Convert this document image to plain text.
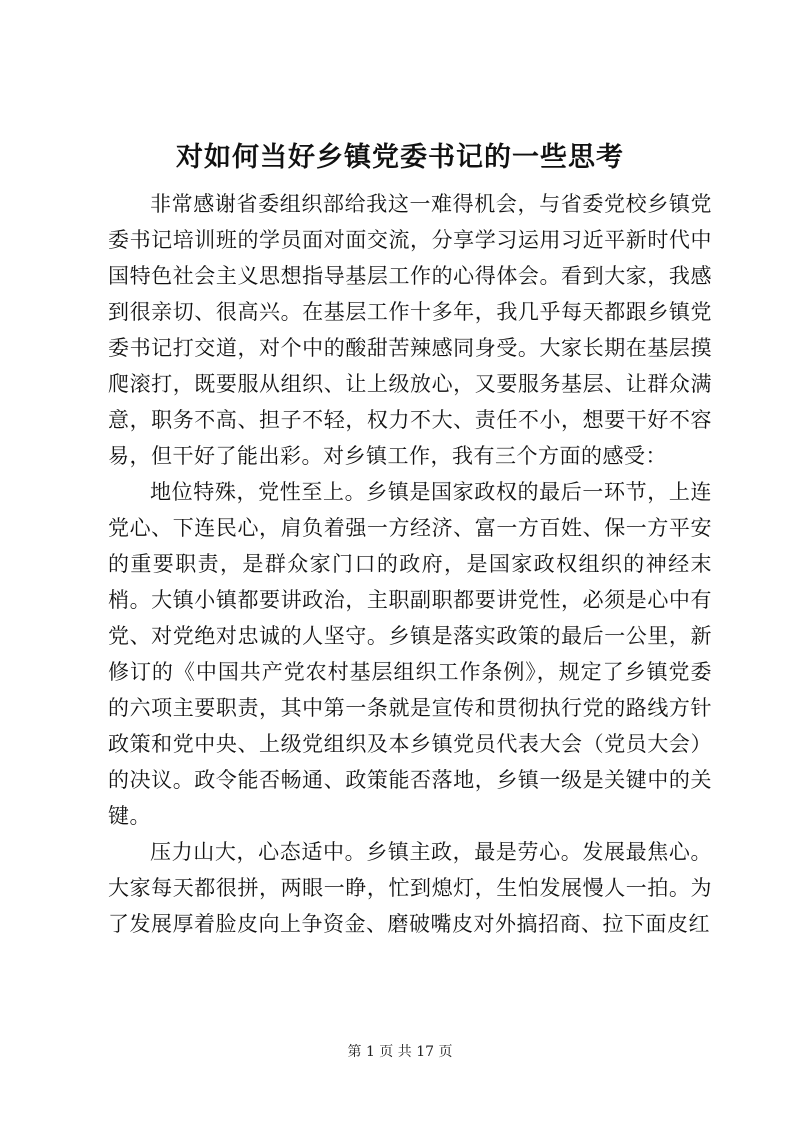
对如何当好乡镇党委书记的一些思考

非常感谢省委组织部给我这一难得机会，与省委党校乡镇党委书记培训班的学员面对面交流，分享学习运用习近平新时代中国特色社会主义思想指导基层工作的心得体会。看到大家，我感到很亲切、很高兴。在基层工作十多年，我几乎每天都跟乡镇党委书记打交道，对个中的酸甜苦辣感同身受。大家长期在基层摸爬滚打，既要服从组织、让上级放心，又要服务基层、让群众满意，职务不高、担子不轻，权力不大、责任不小，想要干好不容易，但干好了能出彩。对乡镇工作，我有三个方面的感受：

地位特殊，党性至上。乡镇是国家政权的最后一环节，上连党心、下连民心，肩负着强一方经济、富一方百姓、保一方平安的重要职责，是群众家门口的政府，是国家政权组织的神经末梢。大镇小镇都要讲政治，主职副职都要讲党性，必须是心中有党、对党绝对忠诚的人坚守。乡镇是落实政策的最后一公里，新修订的《中国共产党农村基层组织工作条例》，规定了乡镇党委的六项主要职责，其中第一条就是宣传和贯彻执行党的路线方针政策和党中央、上级党组织及本乡镇党员代表大会（党员大会）的决议。政令能否畅通、政策能否落地，乡镇一级是关键中的关键。

压力山大，心态适中。乡镇主政，最是劳心。发展最焦心。大家每天都很拼，两眼一睁，忙到熄灯，生怕发展慢人一拍。为了发展厚着脸皮向上争资金、磨破嘴皮对外搞招商、拉下面皮红

第 1 页 共 17 页
